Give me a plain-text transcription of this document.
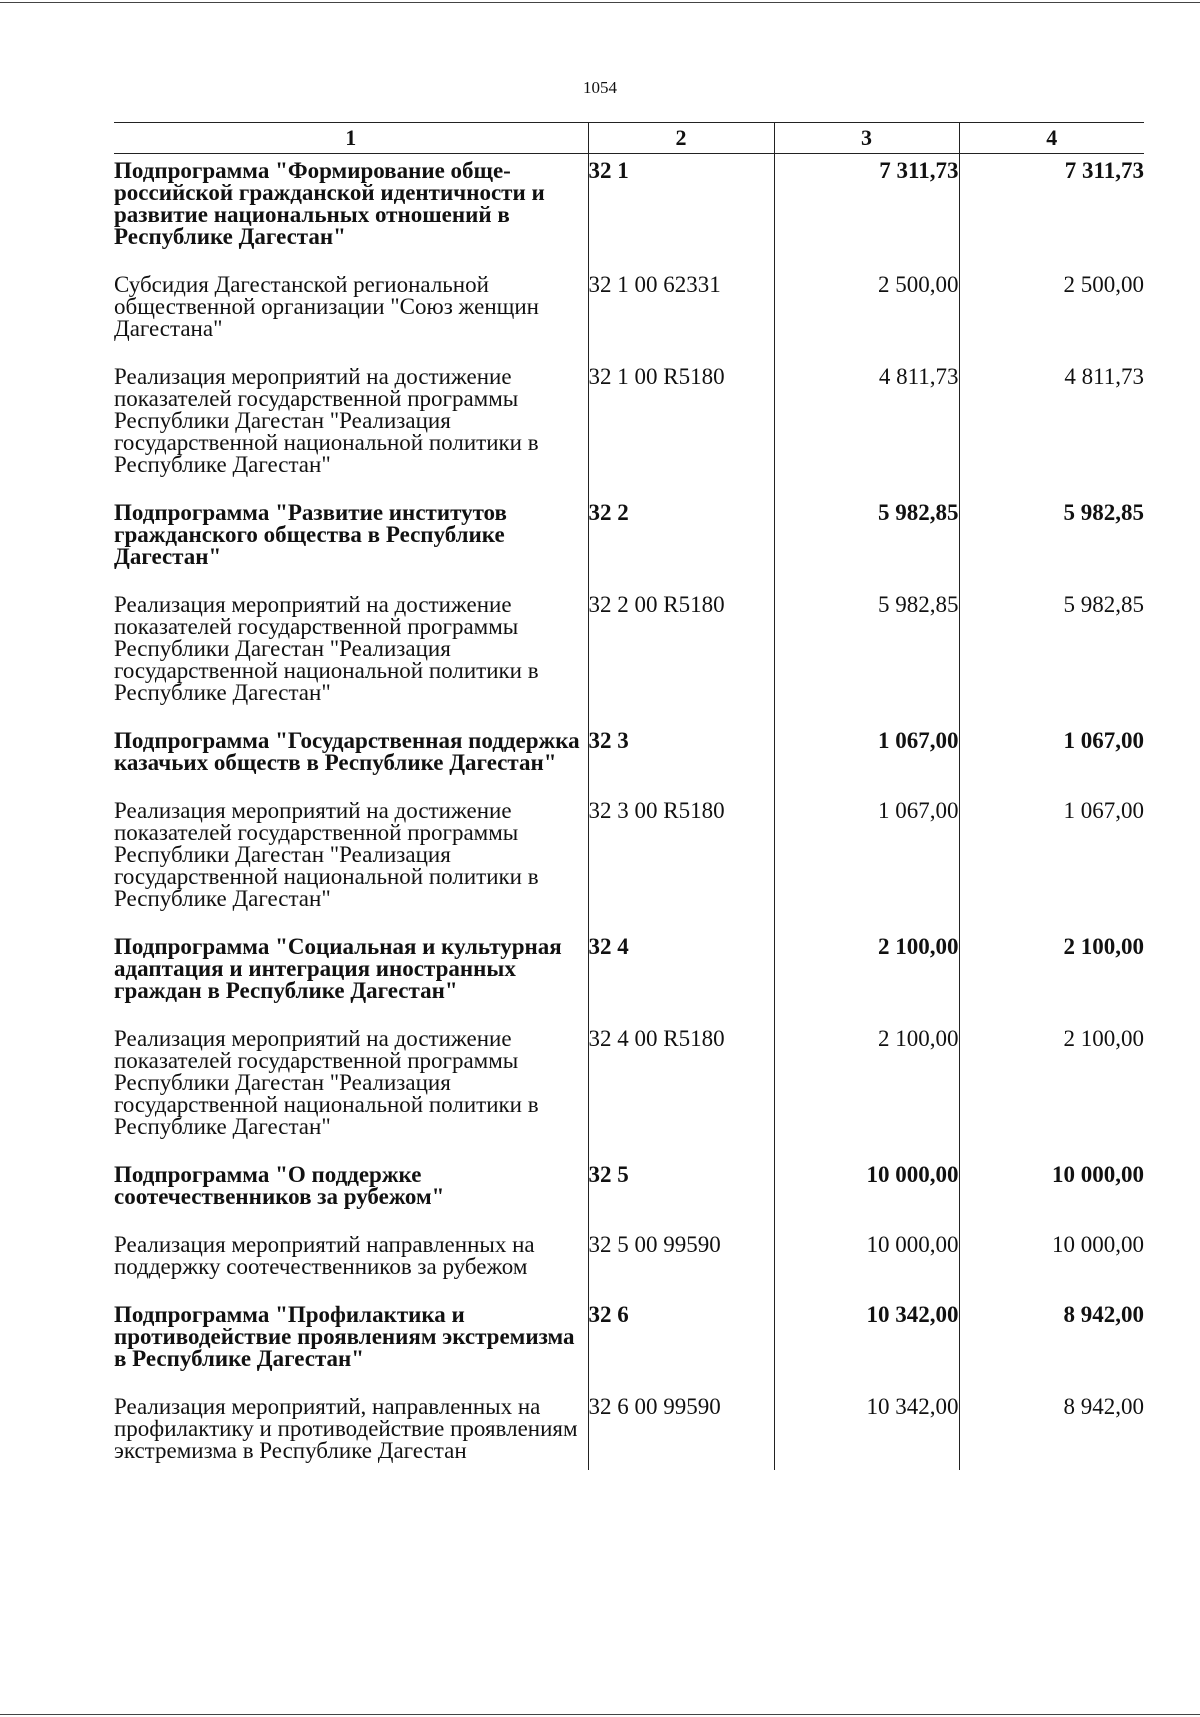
1054
1	2	3	4
Подпрограмма "Формирование обще-российской гражданской идентичности и развитие национальных отношений в Республике Дагестан"	32 1	7 311,73	7 311,73
Субсидия Дагестанской региональной общественной организации "Союз женщин Дагестана"	32 1 00 62331	2 500,00	2 500,00
Реализация мероприятий на достижение показателей государственной программы Республики Дагестан "Реализация государственной национальной политики в Республике Дагестан"	32 1 00 R5180	4 811,73	4 811,73
Подпрограмма "Развитие институтов гражданского общества в Республике Дагестан"	32 2	5 982,85	5 982,85
Реализация мероприятий на достижение показателей государственной программы Республики Дагестан "Реализация государственной национальной политики в Республике Дагестан"	32 2 00 R5180	5 982,85	5 982,85
Подпрограмма "Государственная поддержка казачьих обществ в Республике Дагестан"	32 3	1 067,00	1 067,00
Реализация мероприятий на достижение показателей государственной программы Республики Дагестан "Реализация государственной национальной политики в Республике Дагестан"	32 3 00 R5180	1 067,00	1 067,00
Подпрограмма "Социальная и культурная адаптация и интеграция иностранных граждан в Республике Дагестан"	32 4	2 100,00	2 100,00
Реализация мероприятий на достижение показателей государственной программы Республики Дагестан "Реализация государственной национальной политики в Республике Дагестан"	32 4 00 R5180	2 100,00	2 100,00
Подпрограмма "О поддержке соотечественников за рубежом"	32 5	10 000,00	10 000,00
Реализация мероприятий направленных на поддержку соотечественников за рубежом	32 5 00 99590	10 000,00	10 000,00
Подпрограмма "Профилактика и противодействие проявлениям экстремизма в Республике Дагестан"	32 6	10 342,00	8 942,00
Реализация мероприятий, направленных на профилактику и противодействие проявлениям экстремизма в Республике Дагестан	32 6 00 99590	10 342,00	8 942,00
